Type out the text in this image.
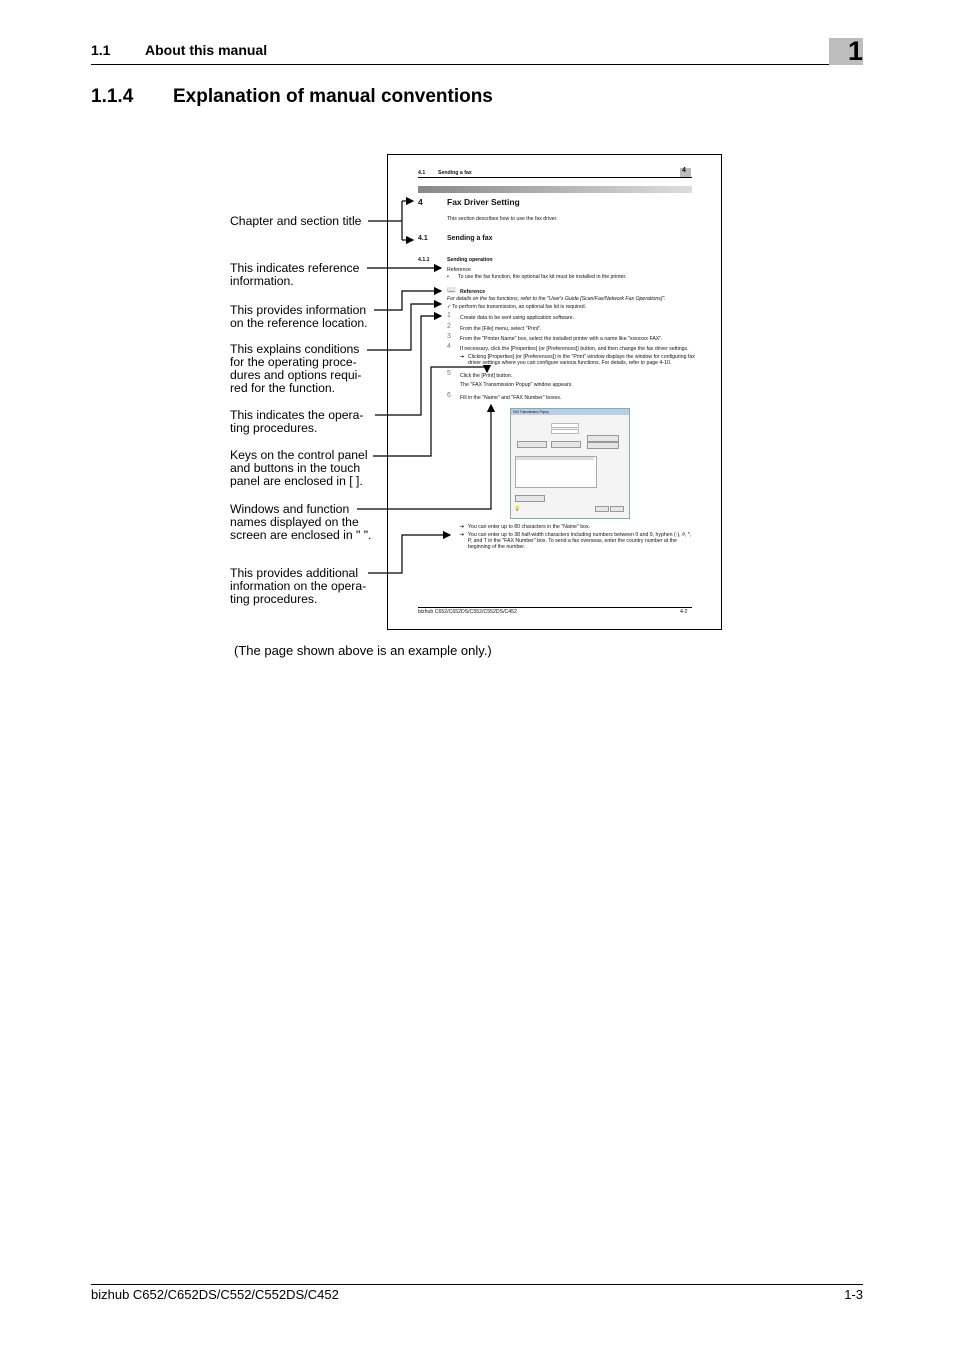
1.1 About this manual	1
1.1.4 Explanation of manual conventions
4.1 Sending a fax	4
4	Fax Driver Setting
This section describes how to use the fax driver.
4.1	Sending a fax
4.1.1	Sending operation
Reference
• To use the fax function, the optional fax kit must be installed in the printer.
📖 Reference
For details on the fax functions, refer to the "User's Guide [Scan/Fax/Network Fax Operations]".
✓ To perform fax transmission, an optional fax kit is required.
1 Create data to be sent using application software.
2 From the [File] menu, select "Print".
3 From the "Printer Name" box, select the installed printer with a name like "xxxxxxx FAX".
4 If necessary, click the [Properties] (or [Preferences]) button, and then change the fax driver settings.
➔ Clicking [Properties] (or [Preferences]) in the "Print" window displays the window for configuring fax
driver settings where you can configure various functions. For details, refer to page 4-10.
5 Click the [Print] button.
The "FAX Transmission Popup" window appears.
6 Fill in the "Name" and "FAX Number" boxes.
FAX Transmission Popup
💡
➔ You can enter up to 80 characters in the "Name" box.
➔ You can enter up to 38 half-width characters including numbers between 0 and 9, hyphen (-), #, *,
P, and T in the "FAX Number" box. To send a fax overseas, enter the country number at the
beginning of the number.
bizhub C652/C652DS/C552/C552DS/C452	4-2
Chapter and section title
This indicates reference
information.
This provides information
on the reference location.
This explains conditions
for the operating proce-
dures and options requi-
red for the function.
This indicates the opera-
ting procedures.
Keys on the control panel
and buttons in the touch
panel are enclosed in [ ].
Windows and function
names displayed on the
screen are enclosed in " ".
This provides additional
information on the opera-
ting procedures.
(The page shown above is an example only.)
bizhub C652/C652DS/C552/C552DS/C452	1-3
